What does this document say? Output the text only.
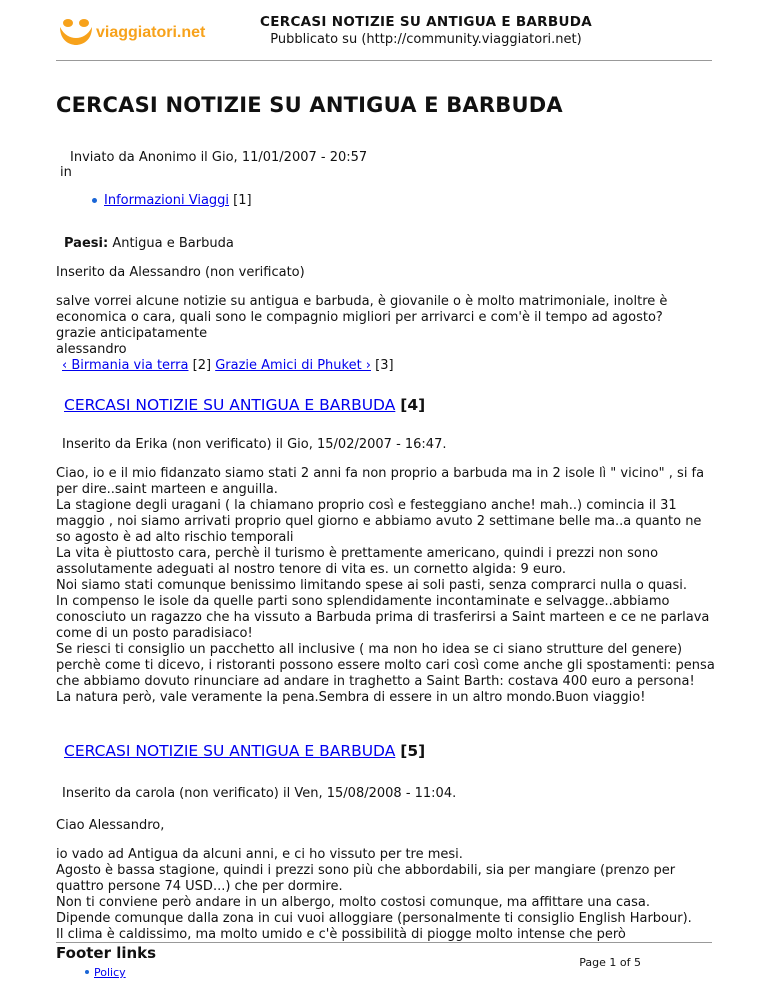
viaggiatori.net
CERCASI NOTIZIE SU ANTIGUA E BARBUDA
Pubblicato su (http://community.viaggiatori.net)
CERCASI NOTIZIE SU ANTIGUA E BARBUDA
Inviato da Anonimo il Gio, 11/01/2007 - 20:57
in
Informazioni Viaggi [1]
Paesi: Antigua e Barbuda
Inserito da Alessandro (non verificato)
salve vorrei alcune notizie su antigua e barbuda, è giovanile o è molto matrimoniale, inoltre è
economica o cara, quali sono le compagnio migliori per arrivarci e com'è il tempo ad agosto?
grazie anticipatamente
alessandro
‹ Birmania via terra [2] Grazie Amici di Phuket › [3]
CERCASI NOTIZIE SU ANTIGUA E BARBUDA [4]
Inserito da Erika (non verificato) il Gio, 15/02/2007 - 16:47.
Ciao, io e il mio fidanzato siamo stati 2 anni fa non proprio a barbuda ma in 2 isole lì " vicino" , si fa
per dire..saint marteen e anguilla.
La stagione degli uragani ( la chiamano proprio così e festeggiano anche! mah..) comincia il 31
maggio , noi siamo arrivati proprio quel giorno e abbiamo avuto 2 settimane belle ma..a quanto ne
so agosto è ad alto rischio temporali
La vita è piuttosto cara, perchè il turismo è prettamente americano, quindi i prezzi non sono
assolutamente adeguati al nostro tenore di vita es. un cornetto algida: 9 euro.
Noi siamo stati comunque benissimo limitando spese ai soli pasti, senza comprarci nulla o quasi.
In compenso le isole da quelle parti sono splendidamente incontaminate e selvagge..abbiamo
conosciuto un ragazzo che ha vissuto a Barbuda prima di trasferirsi a Saint marteen e ce ne parlava
come di un posto paradisiaco!
Se riesci ti consiglio un pacchetto all inclusive ( ma non ho idea se ci siano strutture del genere)
perchè come ti dicevo, i ristoranti possono essere molto cari così come anche gli spostamenti: pensa
che abbiamo dovuto rinunciare ad andare in traghetto a Saint Barth: costava 400 euro a persona!
La natura però, vale veramente la pena.Sembra di essere in un altro mondo.Buon viaggio!
CERCASI NOTIZIE SU ANTIGUA E BARBUDA [5]
Inserito da carola (non verificato) il Ven, 15/08/2008 - 11:04.
Ciao Alessandro,
io vado ad Antigua da alcuni anni, e ci ho vissuto per tre mesi.
Agosto è bassa stagione, quindi i prezzi sono più che abbordabili, sia per mangiare (prenzo per
quattro persone 74 USD...) che per dormire.
Non ti conviene però andare in un albergo, molto costosi comunque, ma affittare una casa.
Dipende comunque dalla zona in cui vuoi alloggiare (personalmente ti consiglio English Harbour).
Il clima è caldissimo, ma molto umido e c'è possibilità di piogge molto intense che però
Footer links
Page 1 of 5
Policy
